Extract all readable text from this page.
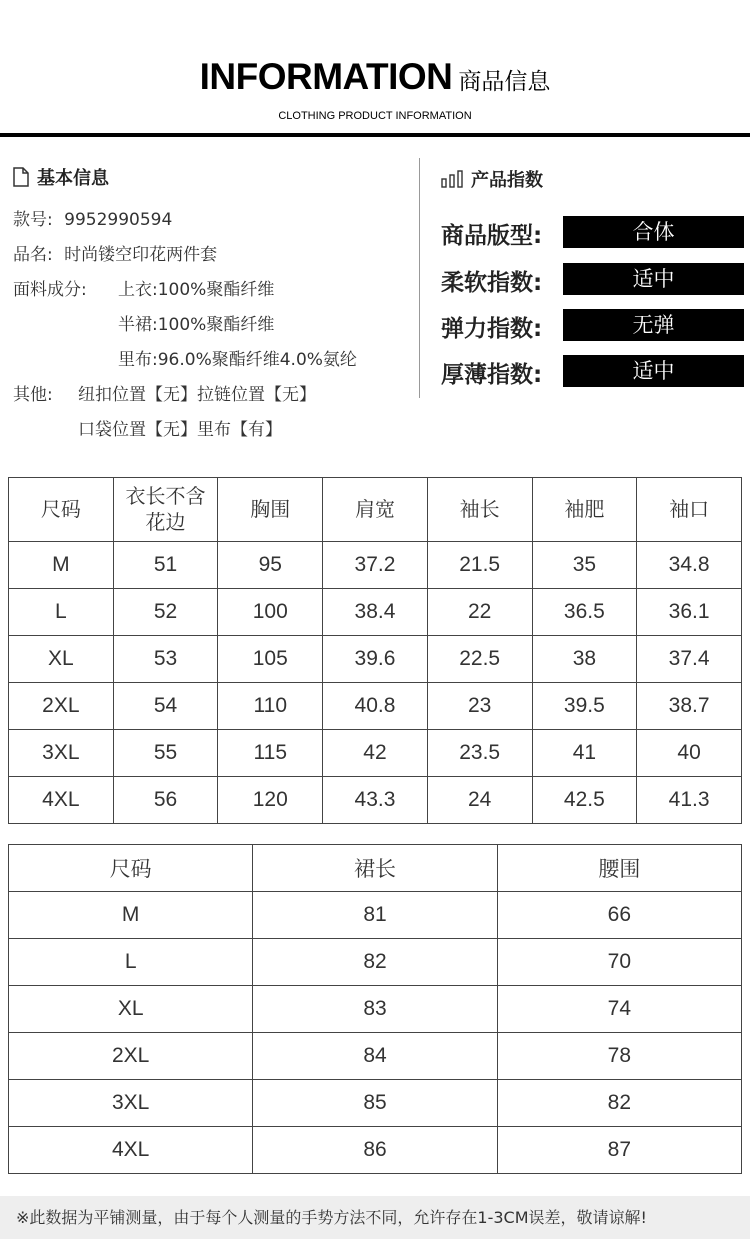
INFORMATION 商品信息
CLOTHING PRODUCT INFORMATION
基本信息
款号: 9952990594
品名: 时尚镂空印花两件套
面料成分: 上衣:100%聚酯纤维
半裙:100%聚酯纤维
里布:96.0%聚酯纤维4.0%氨纶
其他: 纽扣位置【无】拉链位置【无】
口袋位置【无】里布【有】
产品指数
商品版型:	合体
柔软指数:	适中
弹力指数:	无弹
厚薄指数:	适中
尺码	衣长不含花边	胸围	肩宽	袖长	袖肥	袖口
M	51	95	37.2	21.5	35	34.8
L	52	100	38.4	22	36.5	36.1
XL	53	105	39.6	22.5	38	37.4
2XL	54	110	40.8	23	39.5	38.7
3XL	55	115	42	23.5	41	40
4XL	56	120	43.3	24	42.5	41.3
尺码	裙长	腰围
M	81	66
L	82	70
XL	83	74
2XL	84	78
3XL	85	82
4XL	86	87
※此数据为平铺测量，由于每个人测量的手势方法不同，允许存在1-3CM误差，敬请谅解!
